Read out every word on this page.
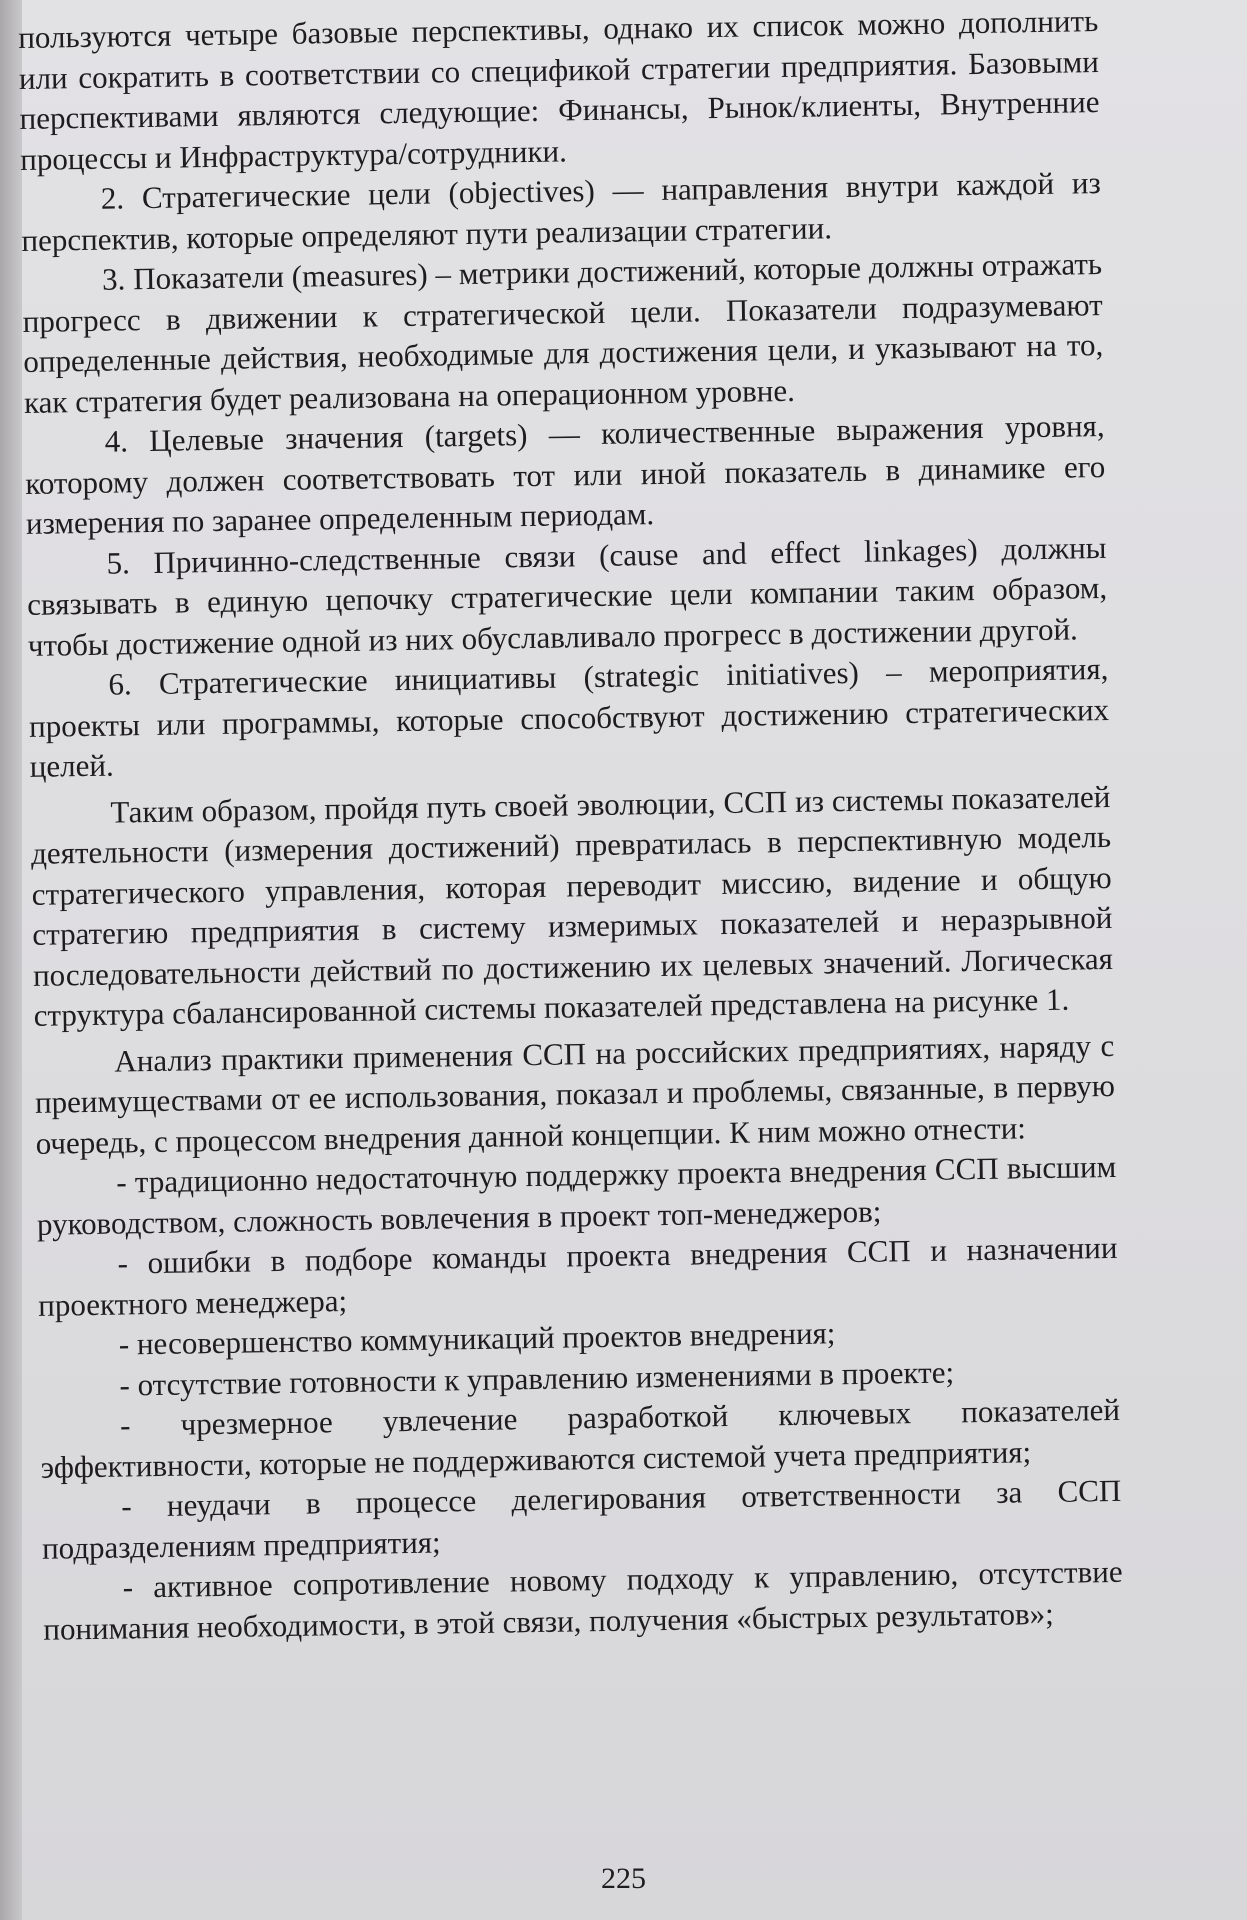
пользуются четыре базовые перспективы, однако их список можно дополнить или сократить в соответствии со спецификой стратегии предприятия. Базовыми перспективами являются следующие: Финансы, Рынок/клиенты, Внутренние процессы и Инфраструктура/сотрудники.

2. Стратегические цели (objectives) — направления внутри каждой из перспектив, которые определяют пути реализации стратегии.

3. Показатели (measures) – метрики достижений, которые должны отражать прогресс в движении к стратегической цели. Показатели подразумевают определенные действия, необходимые для достижения цели, и указывают на то, как стратегия будет реализована на операционном уровне.

4. Целевые значения (targets) — количественные выражения уровня, которому должен соответствовать тот или иной показатель в динамике его измерения по заранее определенным периодам.

5. Причинно-следственные связи (cause and effect linkages) должны связывать в единую цепочку стратегические цели компании таким образом, чтобы достижение одной из них обуславливало прогресс в достижении другой.

6. Стратегические инициативы (strategic initiatives) – мероприятия, проекты или программы, которые способствуют достижению стратегических целей.

Таким образом, пройдя путь своей эволюции, ССП из системы показателей деятельности (измерения достижений) превратилась в перспективную модель стратегического управления, которая переводит миссию, видение и общую стратегию предприятия в систему измеримых показателей и неразрывной последовательности действий по достижению их целевых значений. Логическая структура сбалансированной системы показателей представлена на рисунке 1.

Анализ практики применения ССП на российских предприятиях, наряду с преимуществами от ее использования, показал и проблемы, связанные, в первую очередь, с процессом внедрения данной концепции. К ним можно отнести:

- традиционно недостаточную поддержку проекта внедрения ССП высшим руководством, сложность вовлечения в проект топ-менеджеров;

- ошибки в подборе команды проекта внедрения ССП и назначении проектного менеджера;

- несовершенство коммуникаций проектов внедрения;

- отсутствие готовности к управлению изменениями в проекте;

- чрезмерное увлечение разработкой ключевых показателей эффективности, которые не поддерживаются системой учета предприятия;

- неудачи в процессе делегирования ответственности за ССП подразделениям предприятия;

- активное сопротивление новому подходу к управлению, отсутствие понимания необходимости, в этой связи, получения «быстрых результатов»;

225
